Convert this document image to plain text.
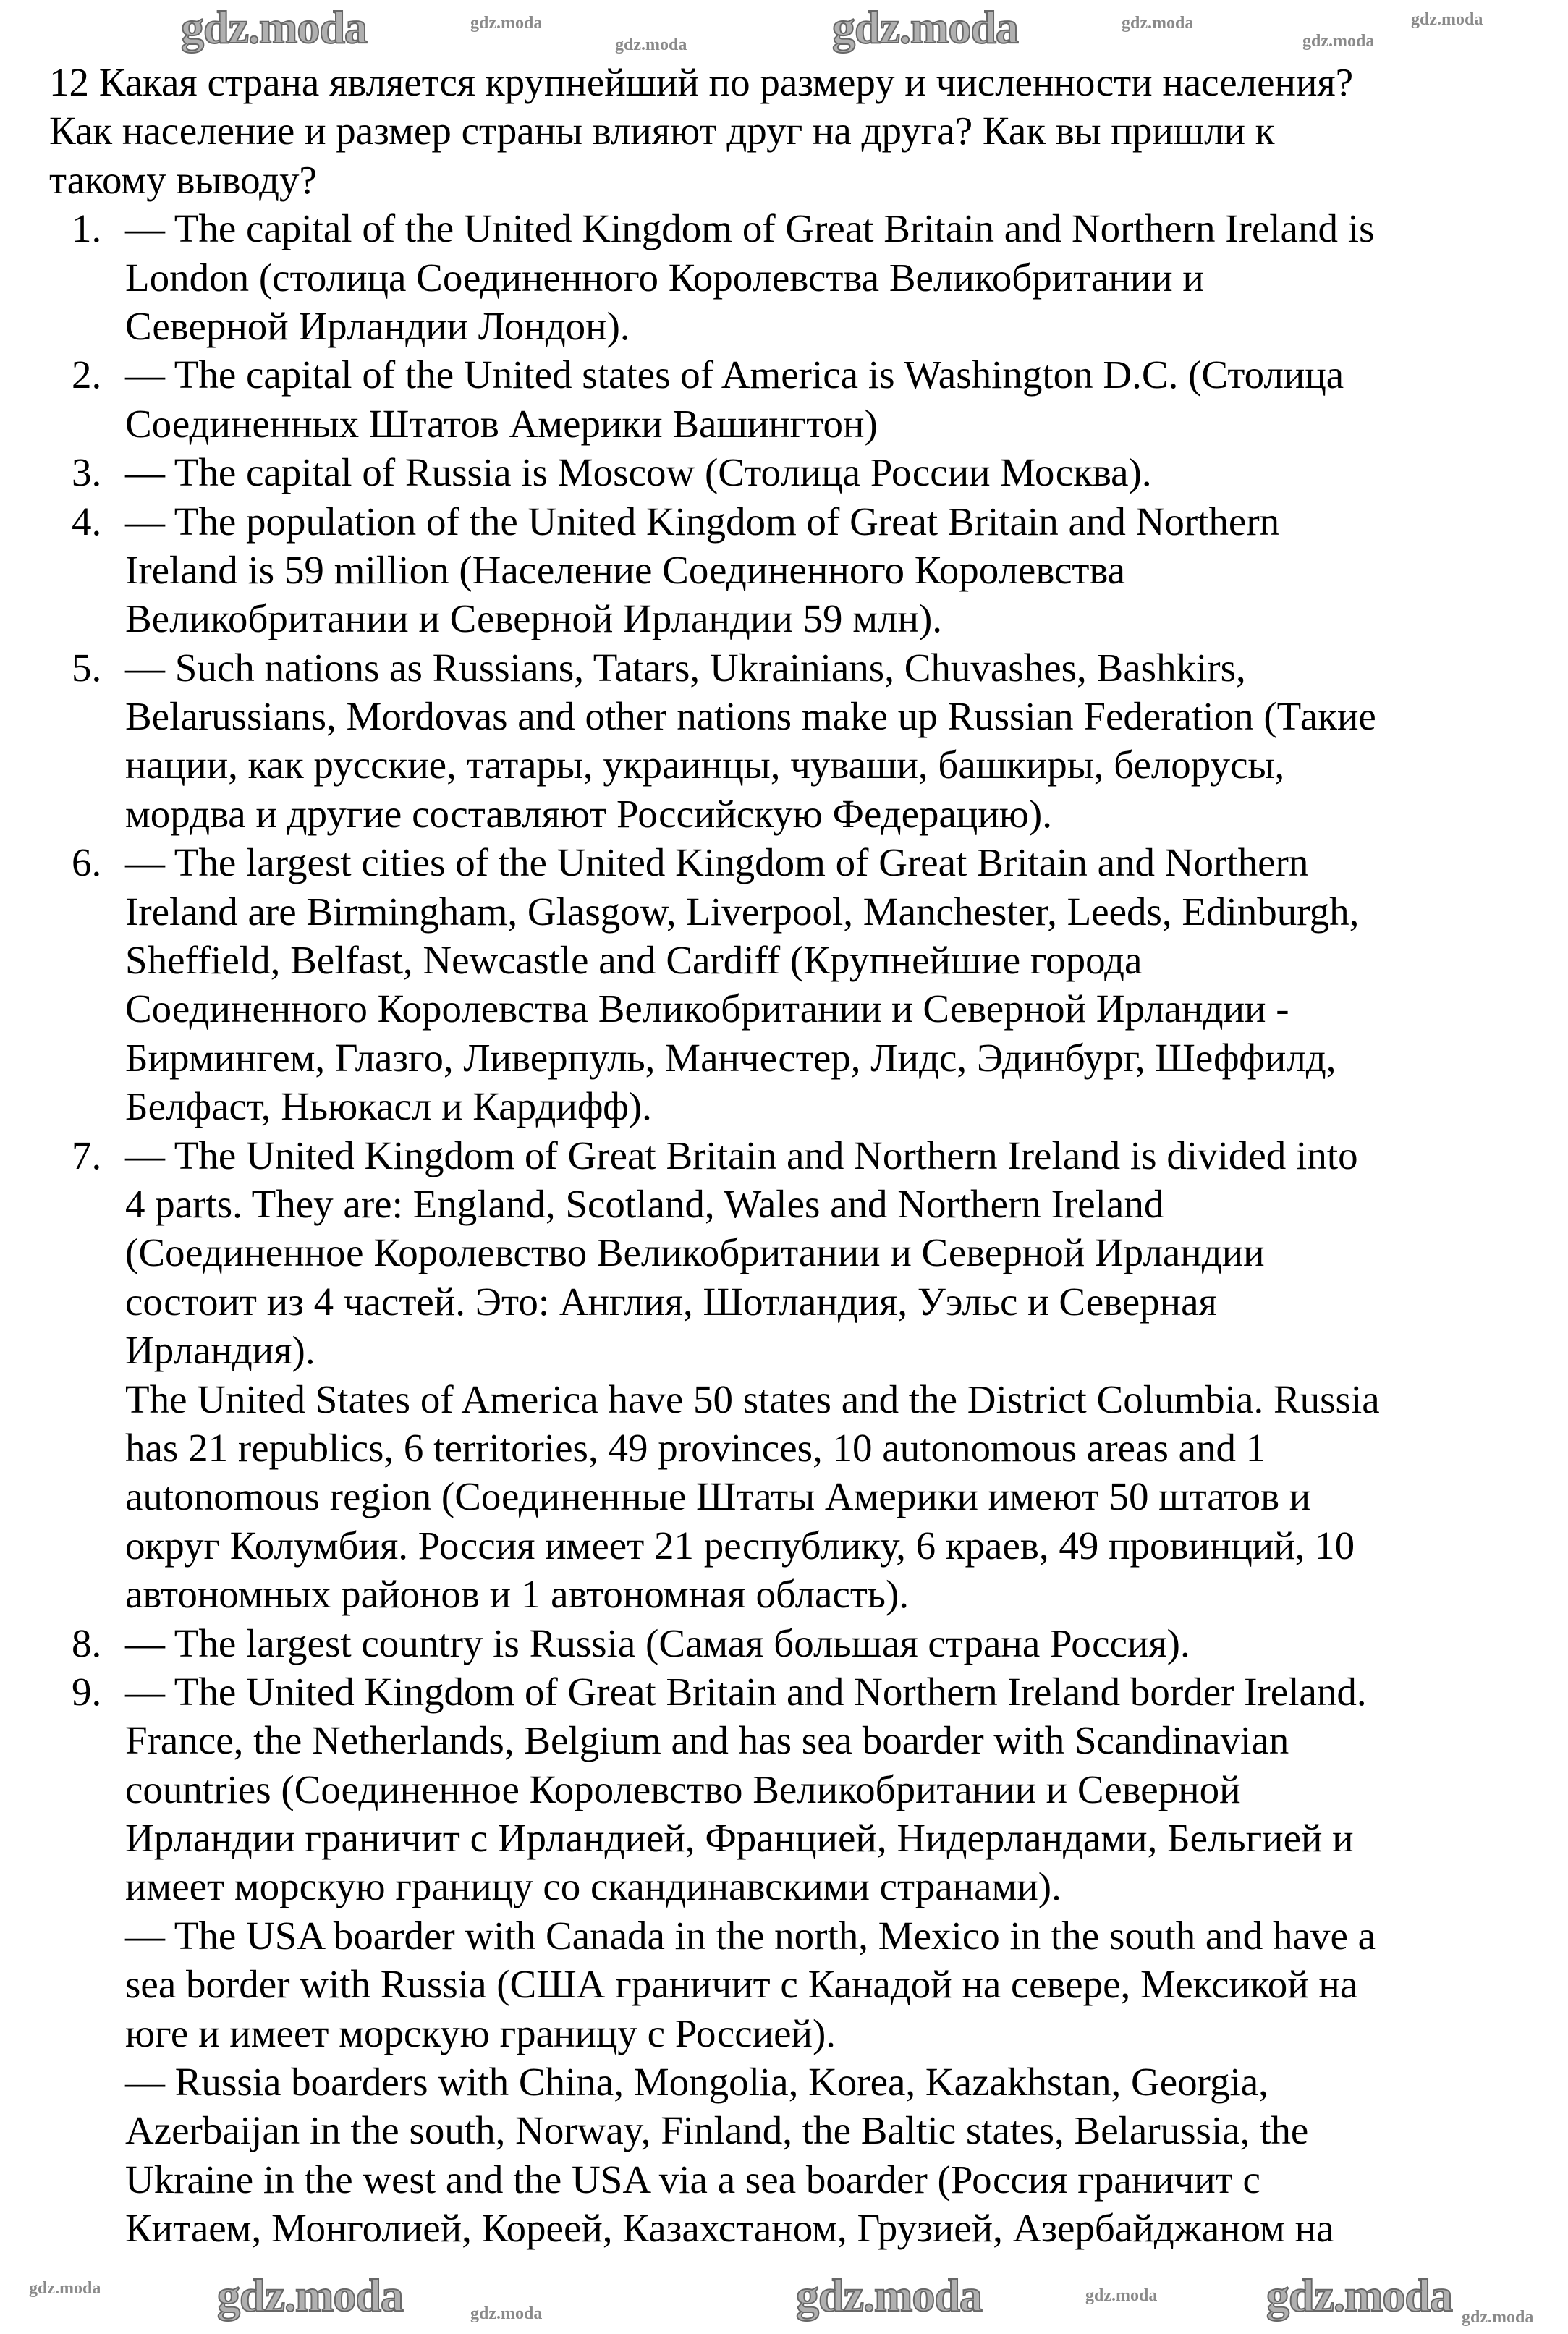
12 Какая страна является крупнейший по размеру и численности населения?
Как население и размер страны влияют друг на друга? Как вы пришли к
такому выводу?
1. — The capital of the United Kingdom of Great Britain and Northern Ireland is
London (столица Соединенного Королевства Великобритании и
Северной Ирландии Лондон).
2. — The capital of the United states of America is Washington D.C. (Столица
Соединенных Штатов Америки Вашингтон)
3. — The capital of Russia is Moscow (Столица России Москва).
4. — The population of the United Kingdom of Great Britain and Northern
Ireland is 59 million (Население Соединенного Королевства
Великобритании и Северной Ирландии 59 млн).
5. — Such nations as Russians, Tatars, Ukrainians, Chuvashes, Bashkirs,
Belarussians, Mordovas and other nations make up Russian Federation (Такие
нации, как русские, татары, украинцы, чуваши, башкиры, белорусы,
мордва и другие составляют Российскую Федерацию).
6. — The largest cities of the United Kingdom of Great Britain and Northern
Ireland are Birmingham, Glasgow, Liverpool, Manchester, Leeds, Edinburgh,
Sheffield, Belfast, Newcastle and Cardiff (Крупнейшие города
Соединенного Королевства Великобритании и Северной Ирландии -
Бирмингем, Глазго, Ливерпуль, Манчестер, Лидс, Эдинбург, Шеффилд,
Белфаст, Ньюкасл и Кардифф).
7. — The United Kingdom of Great Britain and Northern Ireland is divided into
4 parts. They are: England, Scotland, Wales and Northern Ireland
(Соединенное Королевство Великобритании и Северной Ирландии
состоит из 4 частей. Это: Англия, Шотландия, Уэльс и Северная
Ирландия).
The United States of America have 50 states and the District Columbia. Russia
has 21 republics, 6 territories, 49 provinces, 10 autonomous areas and 1
autonomous region (Соединенные Штаты Америки имеют 50 штатов и
округ Колумбия. Россия имеет 21 республику, 6 краев, 49 провинций, 10
автономных районов и 1 автономная область).
8. — The largest country is Russia (Самая большая страна Россия).
9. — The United Kingdom of Great Britain and Northern Ireland border Ireland.
France, the Netherlands, Belgium and has sea boarder with Scandinavian
countries (Соединенное Королевство Великобритании и Северной
Ирландии граничит с Ирландией, Францией, Нидерландами, Бельгией и
имеет морскую границу со скандинавскими странами).
— The USA boarder with Canada in the north, Mexico in the south and have a
sea border with Russia (США граничит с Канадой на севере, Мексикой на
юге и имеет морскую границу с Россией).
— Russia boarders with China, Mongolia, Korea, Kazakhstan, Georgia,
Azerbaijan in the south, Norway, Finland, the Baltic states, Belarussia, the
Ukraine in the west and the USA via a sea boarder (Россия граничит с
Китаем, Монголией, Кореей, Казахстаном, Грузией, Азербайджаном на
gdz.moda	gdz.moda
gdz.moda	gdz.moda	gdz.moda
gdz.moda
gdz.moda
gdz.moda
gdz.moda
gdz.moda
gdz.moda
gdz.moda
gdz.moda
gdz.moda
